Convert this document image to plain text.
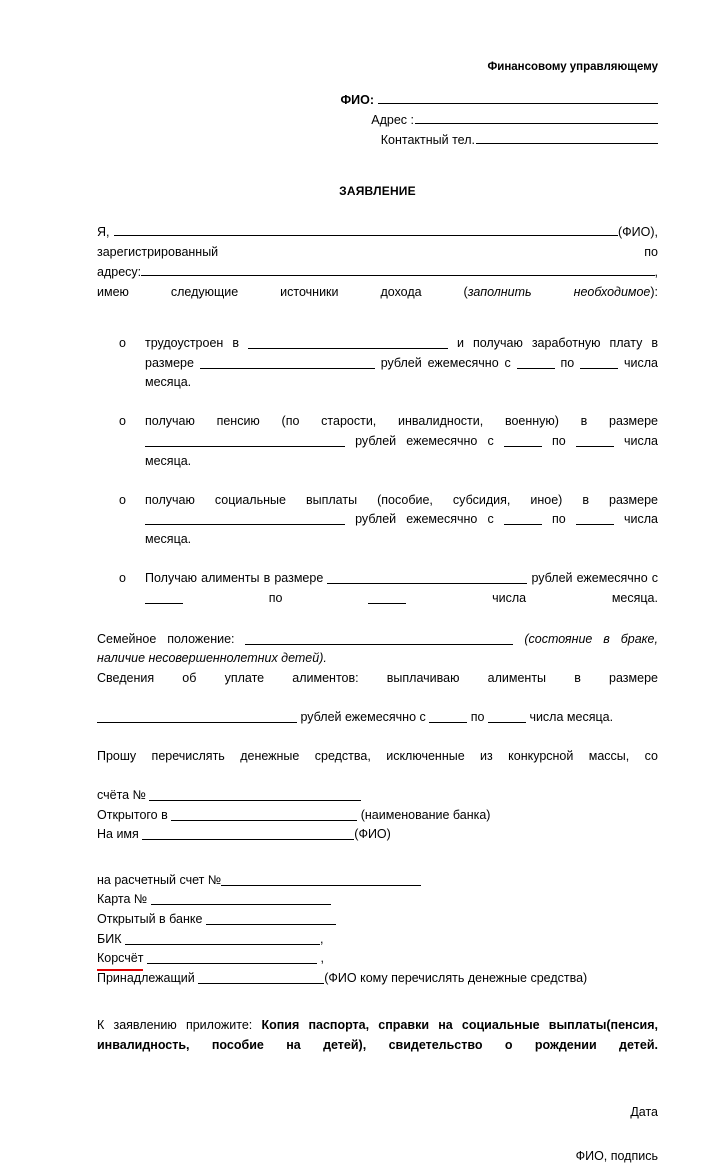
Финансовому управляющему
ФИО:
Адрес :
Контактный тел.
ЗАЯВЛЕНИЕ
Я,	(ФИО),
зарегистрированный	по
адресу:	,
имею следующие источники дохода (заполнить необходимое):
o трудоустроен в	и получаю заработную плату в размере	рублей ежемесячно с	по	числа месяца.
o получаю пенсию (по старости, инвалидности, военную) в размере  рублей ежемесячно с	по	числа месяца.
o получаю социальные выплаты (пособие, субсидия, иное) в размере рублей ежемесячно с	по	числа месяца.
o Получаю алименты в размере	рублей ежемесячно с  по	числа месяца.
Семейное положение:	(состояние в браке, наличие несовершеннолетних детей).
Сведения об уплате алиментов: выплачиваю алименты в размере
рублей ежемесячно с	по	числа месяца.
Прошу перечислять денежные средства, исключенные из конкурсной массы, со
счёта №
Открытого в	(наименование банка)
На имя	(ФИО)
на расчетный счет №
Карта №
Открытый в банке
БИК	,
Корсчёт	,
Принадлежащий	(ФИО кому перечислять денежные средства)
К заявлению приложите: Копия паспорта, справки на социальные выплаты(пенсия, инвалидность, пособие на детей), свидетельство о рождении детей.
Дата
ФИО, подпись
